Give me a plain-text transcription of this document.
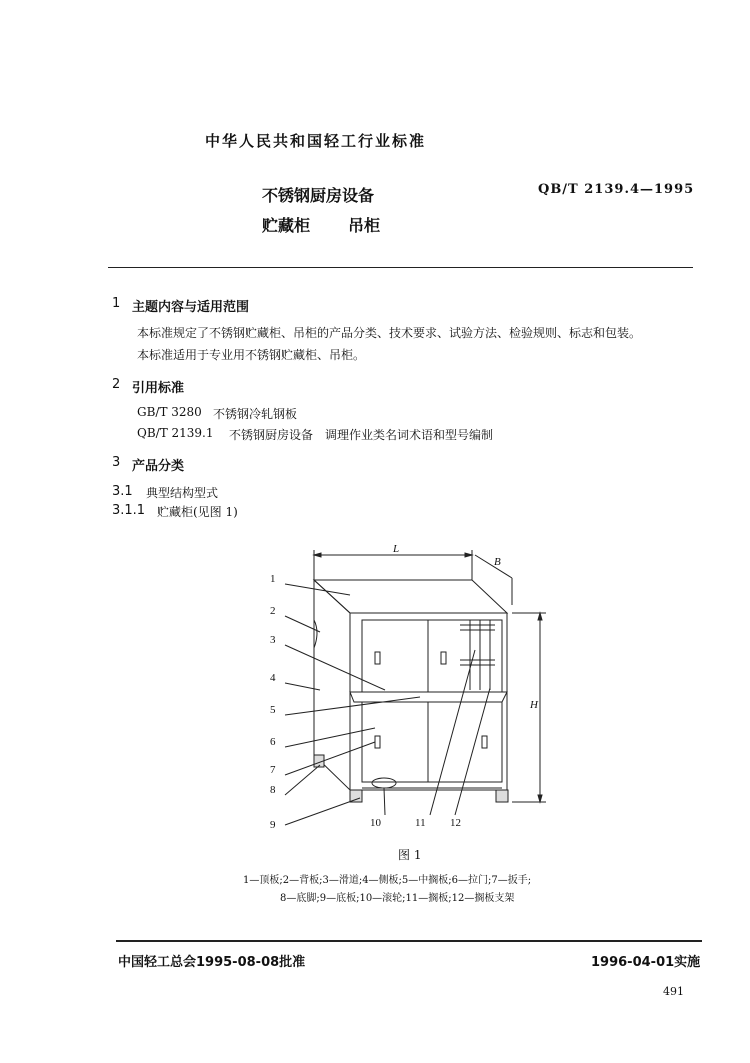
中华人民共和国轻工行业标准
不锈钢厨房设备
贮藏柜 吊柜
QB/T 2139.4—1995
1 主题内容与适用范围
本标准规定了不锈钢贮藏柜、吊柜的产品分类、技术要求、试验方法、检验规则、标志和包装。
本标准适用于专业用不锈钢贮藏柜、吊柜。
2 引用标准
GB/T 3280 不锈钢冷轧钢板
QB/T 2139.1 不锈钢厨房设备　调理作业类名词术语和型号编制
3 产品分类
3.1 典型结构型式
3.1.1 贮藏柜(见图 1)
L
B
H
1
2
3
4
5
6
7
8
9	10	11 12
图 1
1—顶板;2—背板;3—滑道;4—侧板;5—中搁板;6—拉门;7—扳手;
8—底脚;9—底板;10—滚轮;11—搁板;12—搁板支架
中国轻工总会1995-08-08批准	1996-04-01实施
491
